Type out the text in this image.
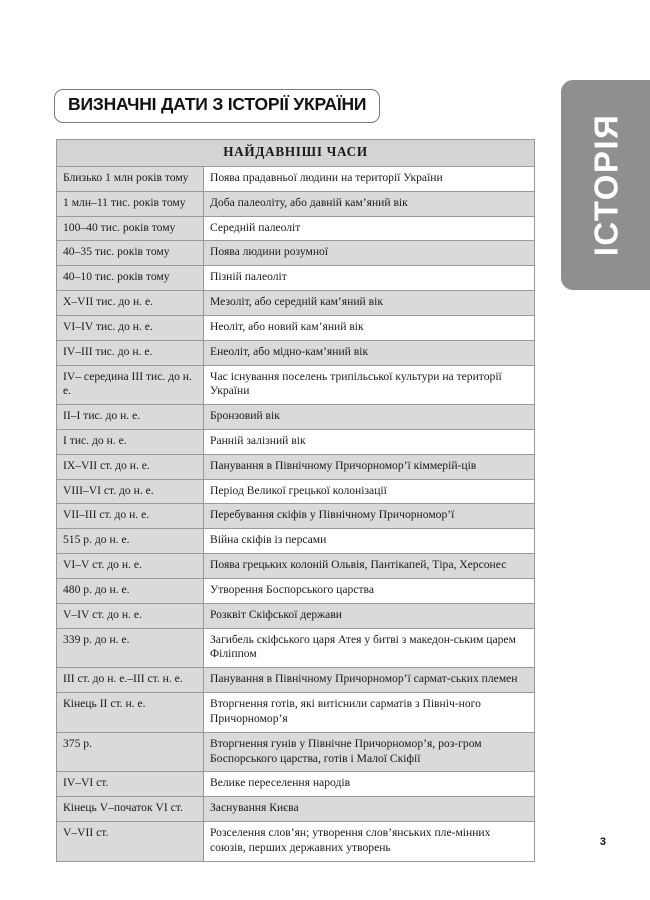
ІСТОРІЯ
ВИЗНАЧНІ ДАТИ З ІСТОРІЇ УКРАЇНИ
НАЙДАВНІШІ ЧАСИ	
Близько 1 млн років тому	Поява прадавньої людини на території України
1 млн–11 тис. років тому	Доба палеоліту, або давній кам’яний вік
100–40 тис. років тому	Середній палеоліт
40–35 тис. років тому	Поява людини розумної
40–10 тис. років тому	Пізній палеоліт
X–VII тис. до н. е.	Мезоліт, або середній кам’яний вік
VI–IV тис. до н. е.	Неоліт, або новий кам’яний вік
IV–III тис. до н. е.	Енеоліт, або мідно-кам’яний вік
IV– середина III тис. до н. е.	Час існування поселень трипільської культури на території України
II–I тис. до н. е.	Бронзовий вік
I тис. до н. е.	Ранній залізний вік
IX–VII ст. до н. е.	Панування в Північному Причорномор’ї кіммерій-ців
VIII–VI ст. до н. е.	Період Великої грецької колонізації
VII–III ст. до н. е.	Перебування скіфів у Північному Причорномор’ї
515 р. до н. е.	Війна скіфів із персами
VI–V ст. до н. е.	Поява грецьких колоній Ольвія, Пантікапей, Тіра, Херсонес
480 р. до н. е.	Утворення Боспорського царства
V–IV ст. до н. е.	Розквіт Скіфської держави
339 р. до н. е.	Загибель скіфського царя Атея у битві з македон-ським царем Філіппом
III ст. до н. е.–III ст. н. е.	Панування в Північному Причорномор’ї сармат-ських племен
Кінець II ст. н. е.	Вторгнення готів, які витіснили сарматів з Північ-ного Причорномор’я
375 р.	Вторгнення гунів у Північне Причорномор’я, роз-гром Боспорського царства, готів і Малої Скіфії
IV–VI ст.	Велике переселення народів
Кінець V–початок VI ст.	Заснування Києва
V–VII ст.	Розселення слов’ян; утворення слов’янських пле-мінних союзів, перших державних утворень	3
